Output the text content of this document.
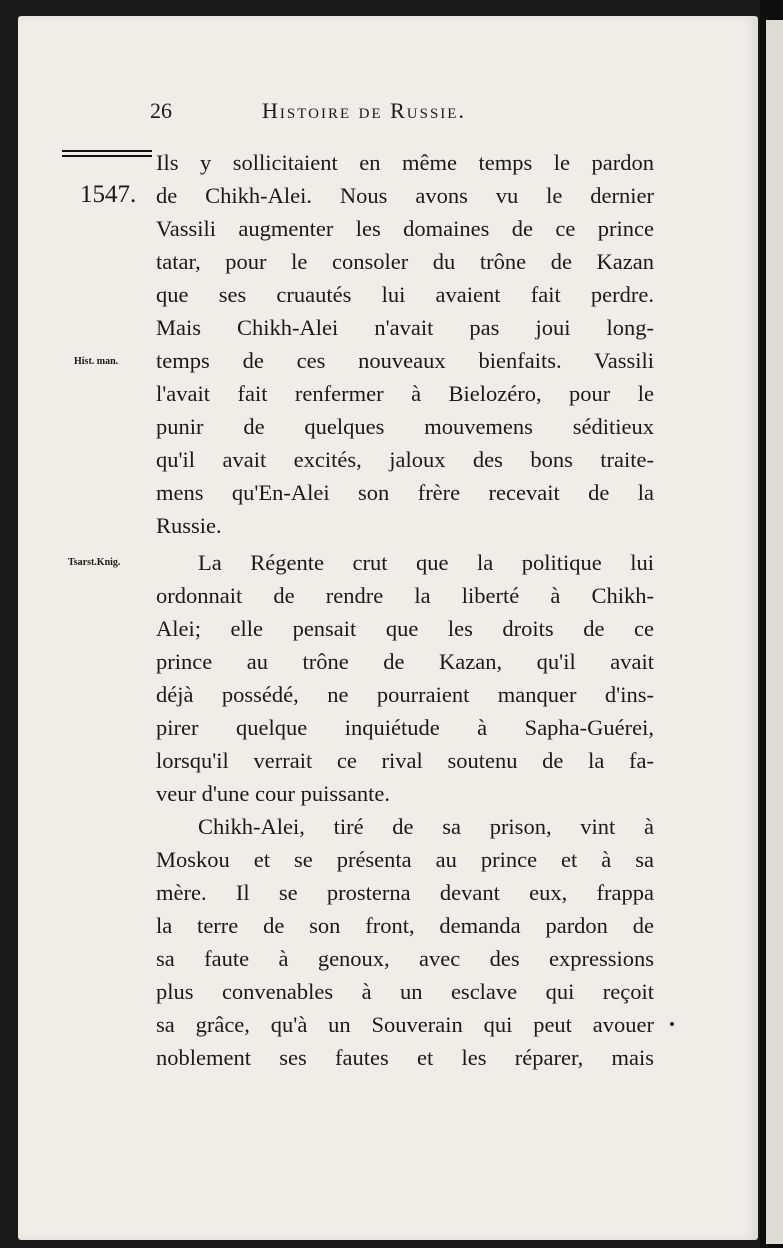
26	Histoire de Russie.
1547.
Hist. man.
Tsarst.Knig.
Ils y sollicitaient en même temps le pardon
de Chikh-Alei. Nous avons vu le dernier
Vassili augmenter les domaines de ce prince
tatar, pour le consoler du trône de Kazan
que ses cruautés lui avaient fait perdre.
Mais Chikh-Alei n'avait pas joui long-
temps de ces nouveaux bienfaits. Vassili
l'avait fait renfermer à Bielozéro, pour le
punir de quelques mouvemens séditieux
qu'il avait excités, jaloux des bons traite-
mens qu'En-Alei son frère recevait de la
Russie.
La Régente crut que la politique lui
ordonnait de rendre la liberté à Chikh-
Alei; elle pensait que les droits de ce
prince au trône de Kazan, qu'il avait
déjà possédé, ne pourraient manquer d'ins-
pirer quelque inquiétude à Sapha-Guérei,
lorsqu'il verrait ce rival soutenu de la fa-
veur d'une cour puissante.
Chikh-Alei, tiré de sa prison, vint à
Moskou et se présenta au prince et à sa
mère. Il se prosterna devant eux, frappa
la terre de son front, demanda pardon de
sa faute à genoux, avec des expressions
plus convenables à un esclave qui reçoit
sa grâce, qu'à un Souverain qui peut avouer
noblement ses fautes et les réparer, mais
